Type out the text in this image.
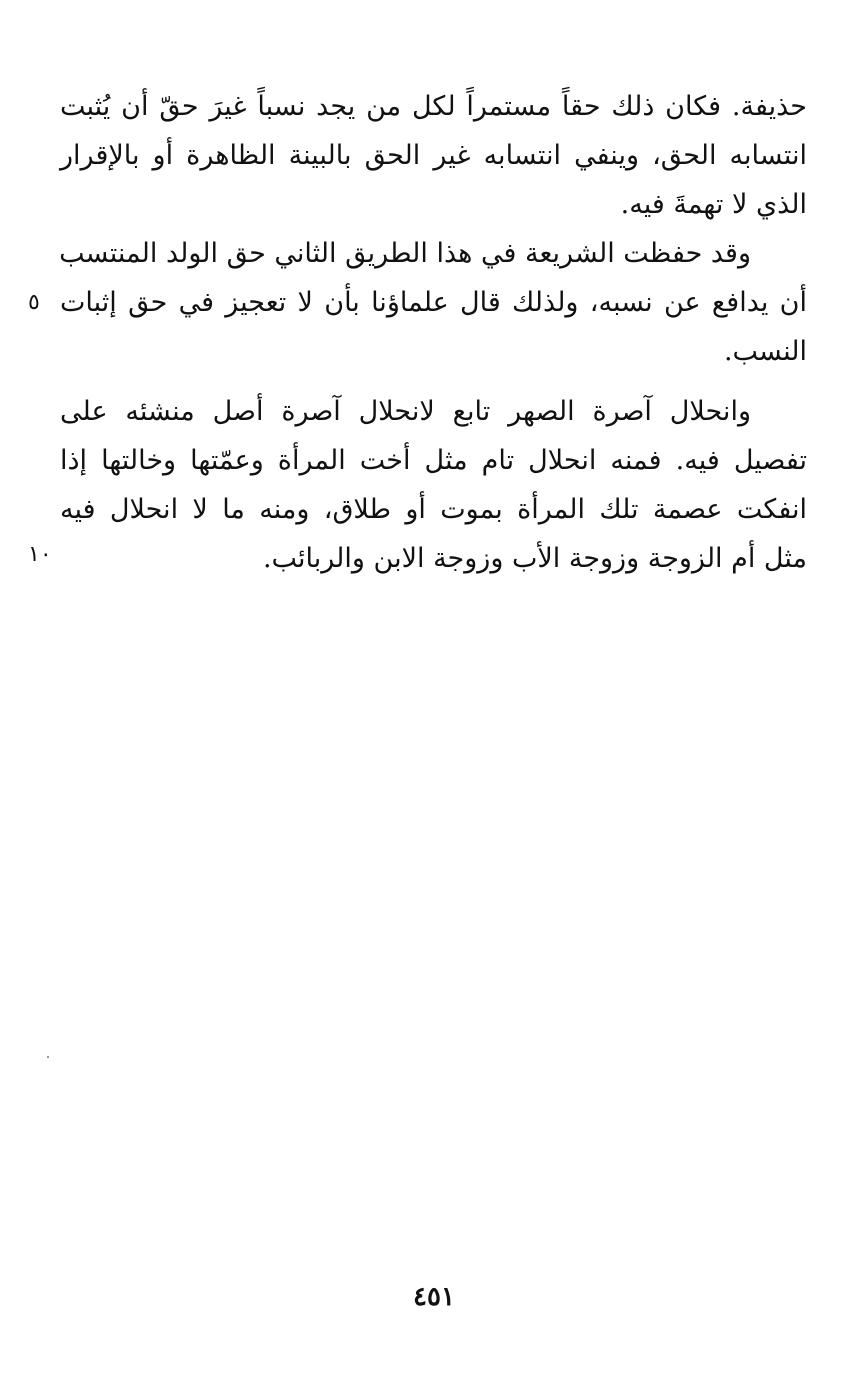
حذيفة. فكان ذلك حقاً مستمراً لكل من يجد نسباً غيرَ حقّ أن يُثبت
انتسابه الحق، وينفي انتسابه غير الحق بالبينة الظاهرة أو بالإقرار
الذي لا تهمةَ فيه.
وقد حفظت الشريعة في هذا الطريق الثاني حق الولد المنتسب
أن يدافع عن نسبه، ولذلك قال علماؤنا بأن لا تعجيز في حق إثبات
النسب.
وانحلال آصرة الصهر تابع لانحلال آصرة أصل منشئه على
تفصيل فيه. فمنه انحلال تام مثل أخت المرأة وعمّتها وخالتها إذا
انفكت عصمة تلك المرأة بموت أو طلاق، ومنه ما لا انحلال فيه
مثل أم الزوجة وزوجة الأب وزوجة الابن والربائب.
٥
١٠
٤٥١
